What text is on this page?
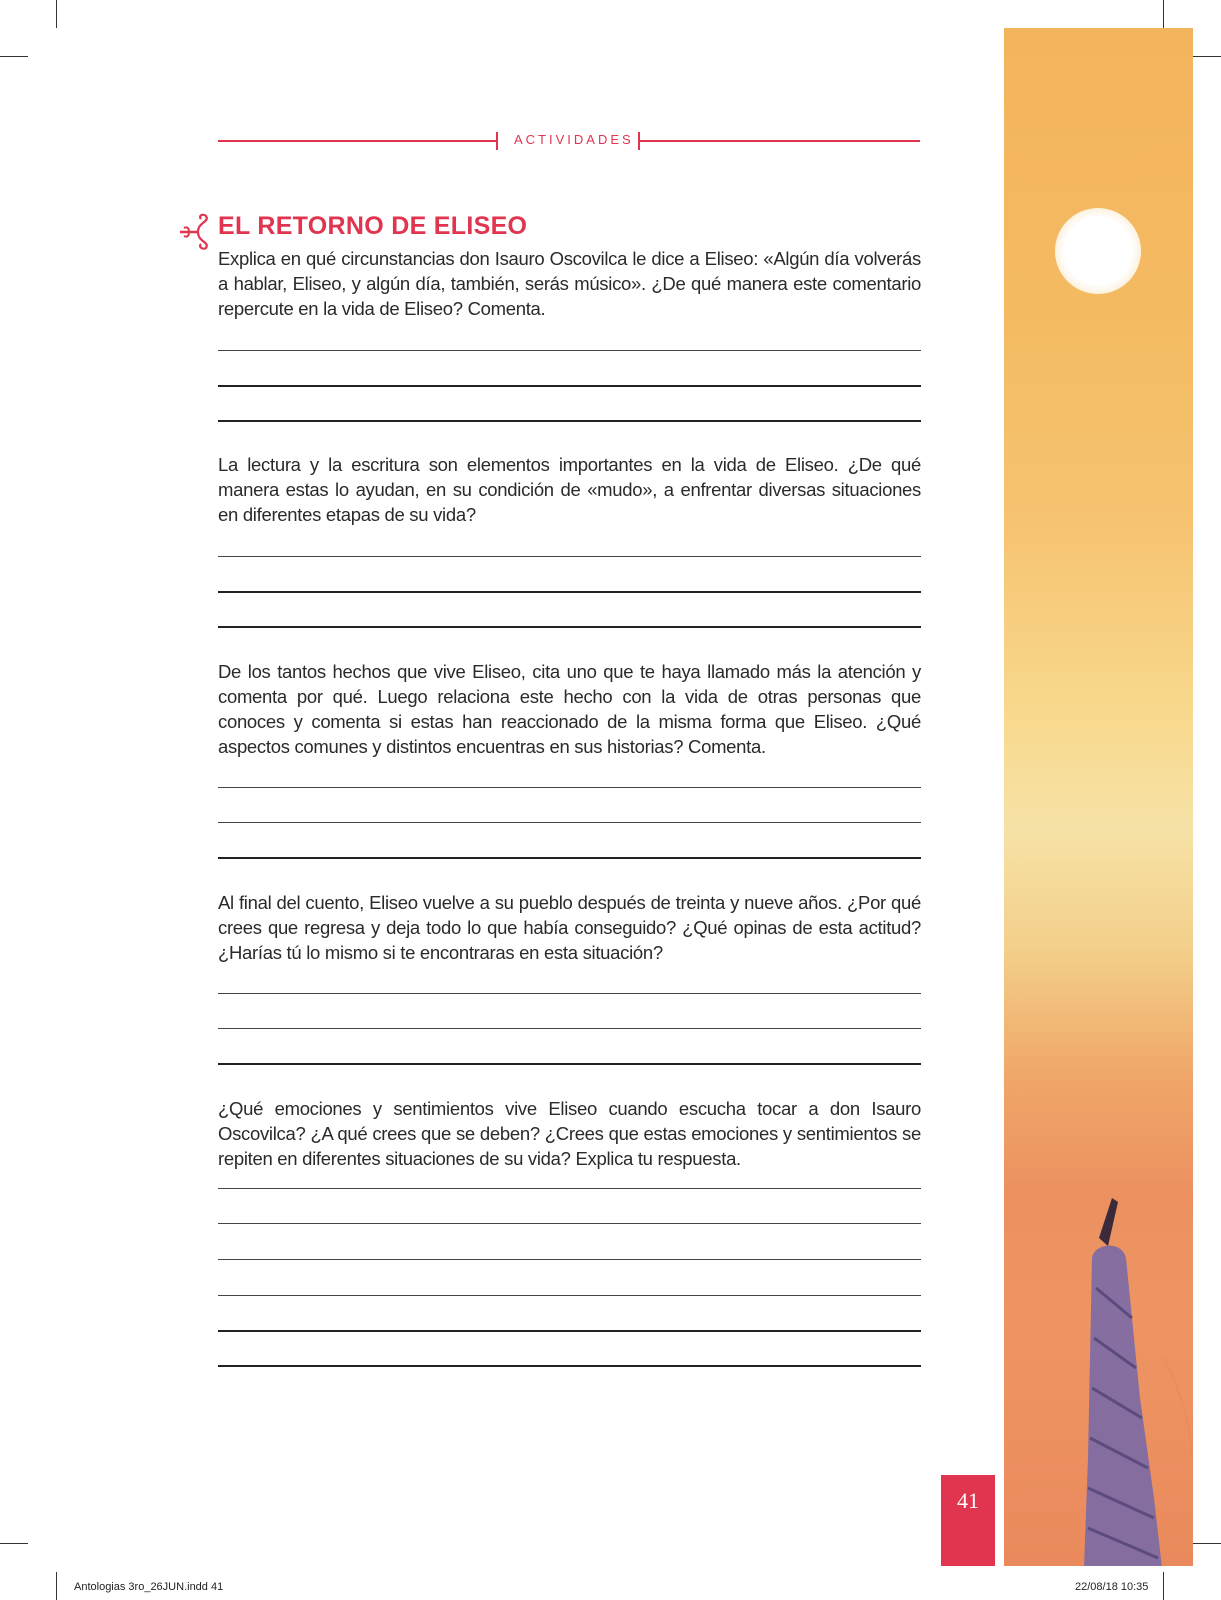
ACTIVIDADES
EL RETORNO DE ELISEO

Explica en qué circunstancias don Isauro Oscovilca le dice a Eliseo: «Algún día volverás a hablar, Eliseo, y algún día, también, serás músico». ¿De qué manera este comentario repercute en la vida de Eliseo? Comenta.

La lectura y la escritura son elementos importantes en la vida de Eliseo. ¿De qué manera estas lo ayudan, en su condición de «mudo», a enfrentar diversas situaciones en diferentes etapas de su vida?

De los tantos hechos que vive Eliseo, cita uno que te haya llamado más la atención y comenta por qué. Luego relaciona este hecho con la vida de otras personas que conoces y comenta si estas han reaccionado de la misma forma que Eliseo. ¿Qué aspectos comunes y distintos encuentras en sus historias? Comenta.

Al final del cuento, Eliseo vuelve a su pueblo después de treinta y nueve años. ¿Por qué crees que regresa y deja todo lo que había conseguido? ¿Qué opinas de esta actitud? ¿Harías tú lo mismo si te encontraras en esta situación?

¿Qué emociones y sentimientos vive Eliseo cuando escucha tocar a don Isauro Oscovilca? ¿A qué crees que se deben? ¿Crees que estas emociones y sentimientos se repiten en diferentes situaciones de su vida? Explica tu respuesta.

41
Antologias 3ro_26JUN.indd 41	22/08/18 10:35
